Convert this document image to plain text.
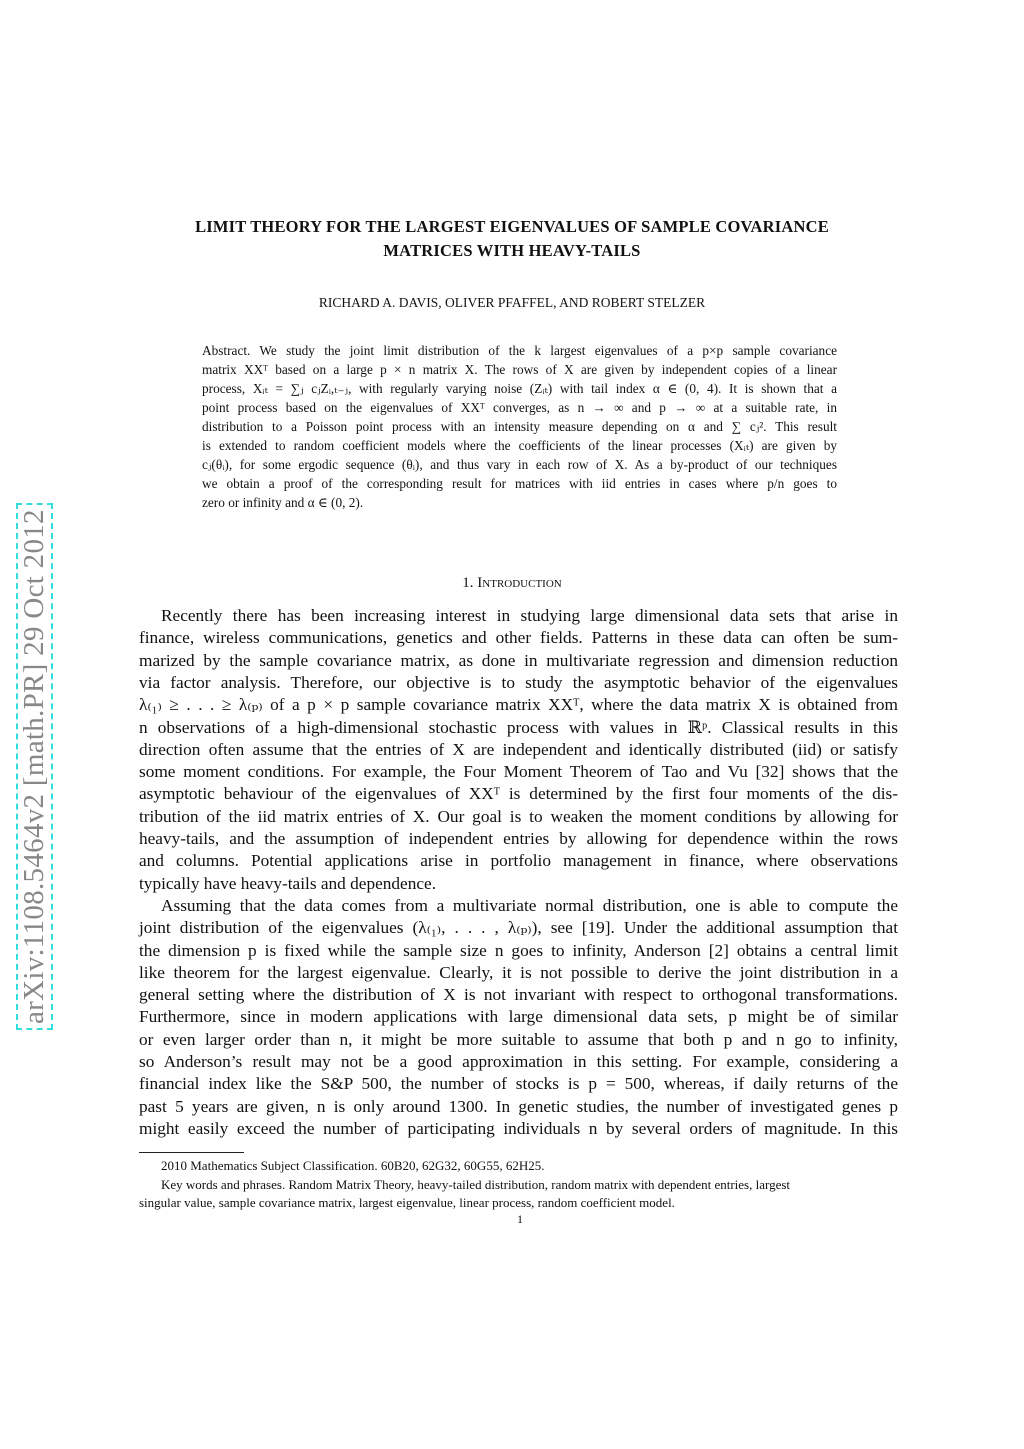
arXiv:1108.5464v2 [math.PR] 29 Oct 2012
LIMIT THEORY FOR THE LARGEST EIGENVALUES OF SAMPLE COVARIANCE
MATRICES WITH HEAVY-TAILS
RICHARD A. DAVIS, OLIVER PFAFFEL, AND ROBERT STELZER
Abstract. We study the joint limit distribution of the k largest eigenvalues of a p×p sample covariance
matrix XXᵀ based on a large p × n matrix X. The rows of X are given by independent copies of a linear
process, Xᵢₜ = ∑ⱼ cⱼZᵢ,ₜ₋ⱼ, with regularly varying noise (Zᵢₜ) with tail index α ∈ (0, 4). It is shown that a
point process based on the eigenvalues of XXᵀ converges, as n → ∞ and p → ∞ at a suitable rate, in
distribution to a Poisson point process with an intensity measure depending on α and ∑ cⱼ². This result
is extended to random coefficient models where the coefficients of the linear processes (Xᵢₜ) are given by
cⱼ(θᵢ), for some ergodic sequence (θᵢ), and thus vary in each row of X. As a by-product of our techniques
we obtain a proof of the corresponding result for matrices with iid entries in cases where p/n goes to
zero or infinity and α ∈ (0, 2).
1. Introduction
Recently there has been increasing interest in studying large dimensional data sets that arise in
finance, wireless communications, genetics and other fields. Patterns in these data can often be sum-
marized by the sample covariance matrix, as done in multivariate regression and dimension reduction
via factor analysis. Therefore, our objective is to study the asymptotic behavior of the eigenvalues
λ₍₁₎ ≥ . . . ≥ λ₍ₚ₎ of a p × p sample covariance matrix XXᵀ, where the data matrix X is obtained from
n observations of a high-dimensional stochastic process with values in ℝᵖ. Classical results in this
direction often assume that the entries of X are independent and identically distributed (iid) or satisfy
some moment conditions. For example, the Four Moment Theorem of Tao and Vu [32] shows that the
asymptotic behaviour of the eigenvalues of XXᵀ is determined by the first four moments of the dis-
tribution of the iid matrix entries of X. Our goal is to weaken the moment conditions by allowing for
heavy-tails, and the assumption of independent entries by allowing for dependence within the rows
and columns. Potential applications arise in portfolio management in finance, where observations
typically have heavy-tails and dependence.
Assuming that the data comes from a multivariate normal distribution, one is able to compute the
joint distribution of the eigenvalues (λ₍₁₎, . . . , λ₍ₚ₎), see [19]. Under the additional assumption that
the dimension p is fixed while the sample size n goes to infinity, Anderson [2] obtains a central limit
like theorem for the largest eigenvalue. Clearly, it is not possible to derive the joint distribution in a
general setting where the distribution of X is not invariant with respect to orthogonal transformations.
Furthermore, since in modern applications with large dimensional data sets, p might be of similar
or even larger order than n, it might be more suitable to assume that both p and n go to infinity,
so Anderson’s result may not be a good approximation in this setting. For example, considering a
financial index like the S&P 500, the number of stocks is p = 500, whereas, if daily returns of the
past 5 years are given, n is only around 1300. In genetic studies, the number of investigated genes p
might easily exceed the number of participating individuals n by several orders of magnitude. In this
2010 Mathematics Subject Classification. 60B20, 62G32, 60G55, 62H25.
Key words and phrases. Random Matrix Theory, heavy-tailed distribution, random matrix with dependent entries, largest
singular value, sample covariance matrix, largest eigenvalue, linear process, random coefficient model.
1
